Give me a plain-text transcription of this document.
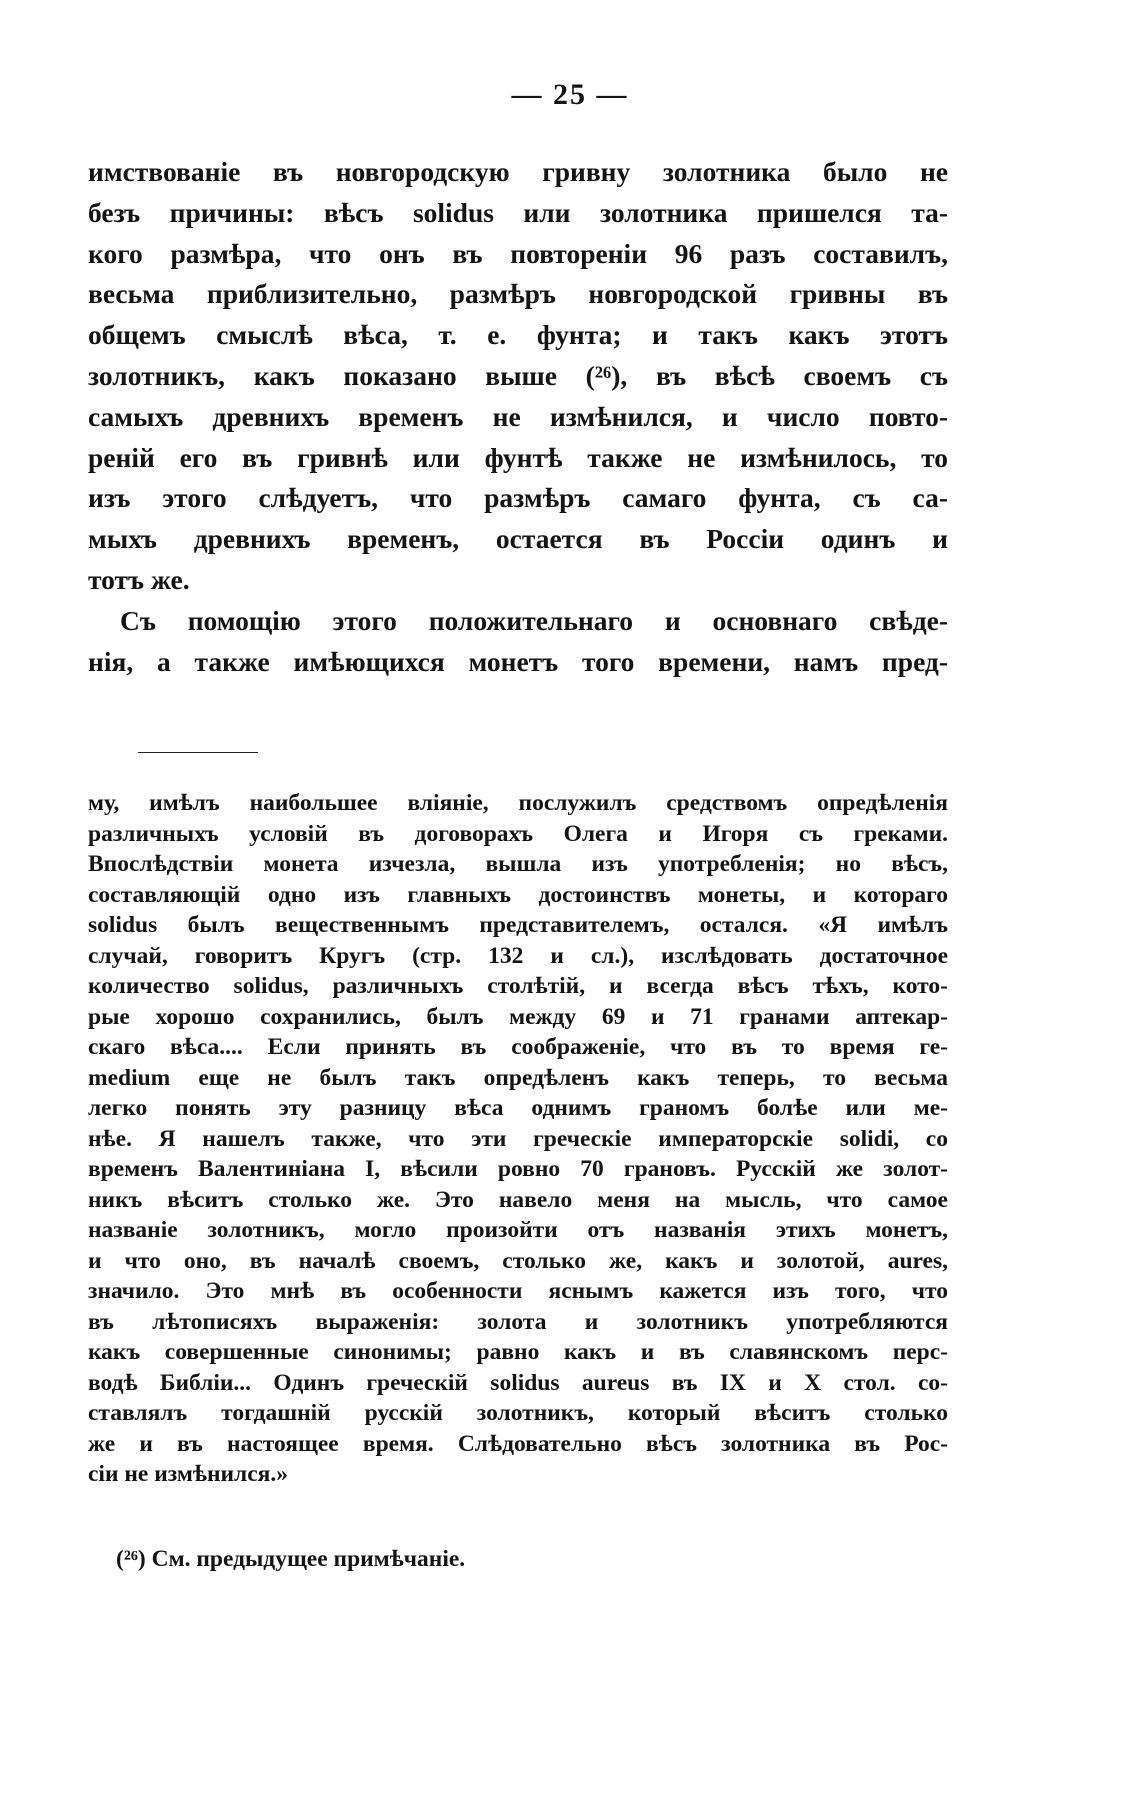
— 25 —
имствованіе въ новгородскую гривну золотника было не
безъ причины: вѣсъ solidus или золотника пришелся та-
кого размѣра, что онъ въ повтореніи 96 разъ составилъ,
весьма приблизительно, размѣръ новгородской гривны въ
общемъ смыслѣ вѣса, т. е. фунта; и такъ какъ этотъ
золотникъ, какъ показано выше (²⁶), въ вѣсѣ своемъ съ
самыхъ древнихъ временъ не измѣнился, и число повто-
реній его въ гривнѣ или фунтѣ также не измѣнилось, то
изъ этого слѣдуетъ, что размѣръ самаго фунта, съ са-
мыхъ древнихъ временъ, остается въ Россіи одинъ и
тотъ же.
Съ помощію этого положительнаго и основнаго свѣде-
нія, а также имѣющихся монетъ того времени, намъ пред-
му, имѣлъ наибольшее вліяніе, послужилъ средствомъ опредѣленія
различныхъ условій въ договорахъ Олега и Игоря съ греками.
Впослѣдствіи монета изчезла, вышла изъ употребленія; но вѣсъ,
составляющій одно изъ главныхъ достоинствъ монеты, и котораго
solidus былъ вещественнымъ представителемъ, остался. «Я имѣлъ
случай, говоритъ Кругъ (стр. 132 и сл.), изслѣдовать достаточное
количество solidus, различныхъ столѣтій, и всегда вѣсъ тѣхъ, кото-
рые хорошо сохранились, былъ между 69 и 71 гранами аптекар-
скаго вѣса.... Если принять въ соображеніе, что въ то время ге-
medium еще не былъ такъ опредѣленъ какъ теперь, то весьма
легко понять эту разницу вѣса однимъ граномъ болѣе или ме-
нѣе. Я нашелъ также, что эти греческіе императорскіе solidi, со
временъ Валентиніана I, вѣсили ровно 70 грановъ. Русскій же золот-
никъ вѣситъ столько же. Это навело меня на мысль, что самое
названіе золотникъ, могло произойти отъ названія этихъ монетъ,
и что оно, въ началѣ своемъ, столько же, какъ и золотой, aures,
значило. Это мнѣ въ особенности яснымъ кажется изъ того, что
въ лѣтописяхъ выраженія: золота и золотникъ употребляются
какъ совершенные синонимы; равно какъ и въ славянскомъ перс-
водѣ Библіи... Одинъ греческій solidus aureus въ IX и X стол. со-
ставлялъ тогдашній русскій золотникъ, который вѣситъ столько
же и въ настоящее время. Слѣдовательно вѣсъ золотника въ Рос-
сіи не измѣнился.»
(²⁶) См. предыдущее примѣчаніе.
